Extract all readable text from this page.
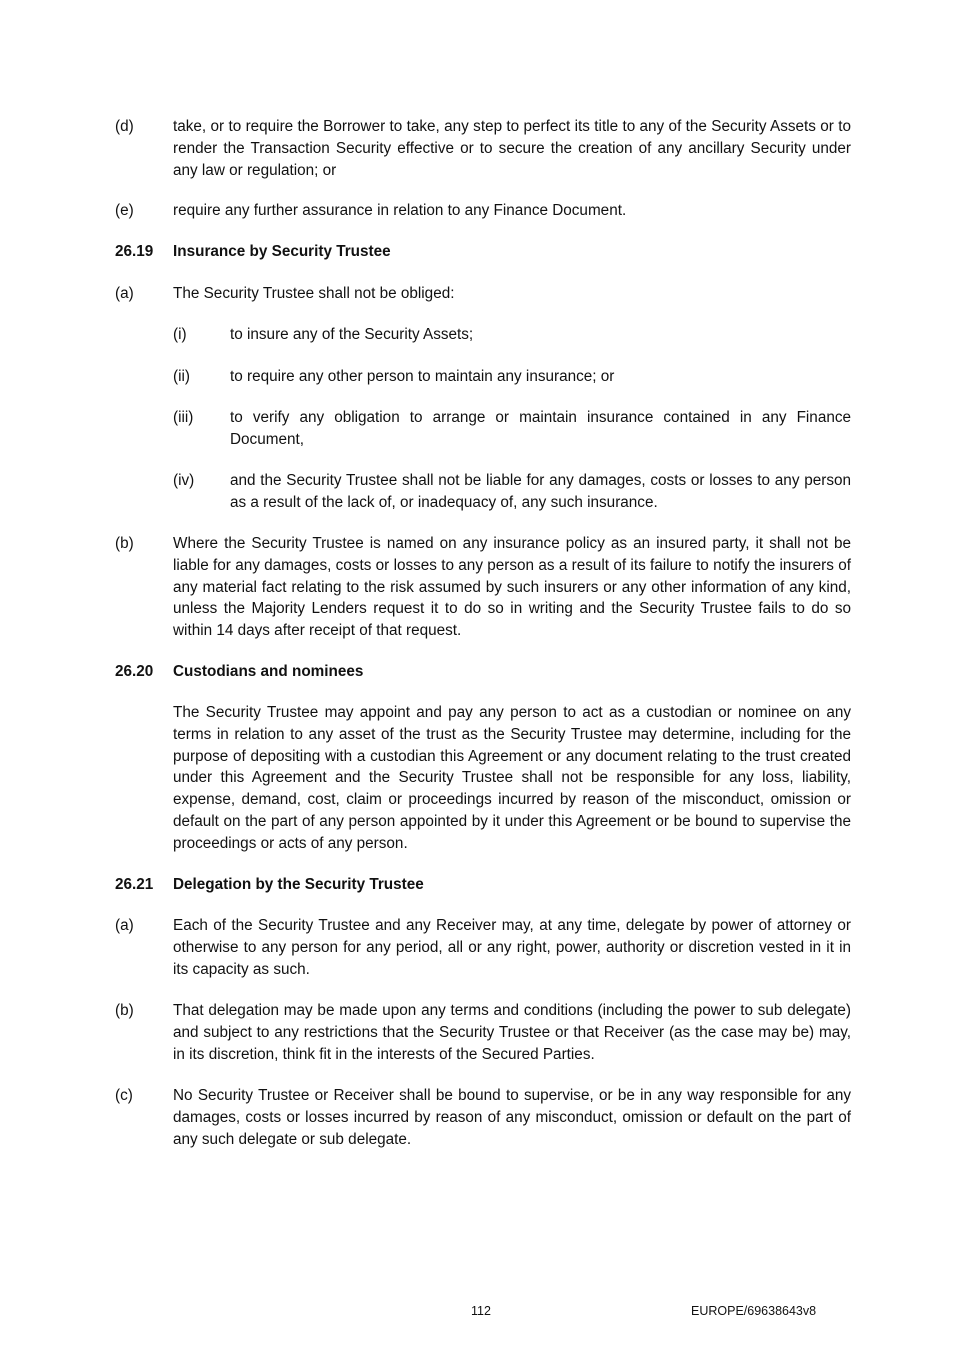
(d)	take, or to require the Borrower to take, any step to perfect its title to any of the Security Assets or to render the Transaction Security effective or to secure the creation of any ancillary Security under any law or regulation; or

(e)	require any further assurance in relation to any Finance Document.

26.19 Insurance by Security Trustee
(a)	The Security Trustee shall not be obliged:

(i)	to insure any of the Security Assets;

(ii)	to require any other person to maintain any insurance; or

(iii) to verify any obligation to arrange or maintain insurance contained in any Finance Document,

(iv) and the Security Trustee shall not be liable for any damages, costs or losses to any person as a result of the lack of, or inadequacy of, any such insurance.

(b)	Where the Security Trustee is named on any insurance policy as an insured party, it shall not be liable for any damages, costs or losses to any person as a result of its failure to notify the insurers of any material fact relating to the risk assumed by such insurers or any other information of any kind, unless the Majority Lenders request it to do so in writing and the Security Trustee fails to do so within 14 days after receipt of that request.

26.20 Custodians and nominees

The Security Trustee may appoint and pay any person to act as a custodian or nominee on any terms in relation to any asset of the trust as the Security Trustee may determine, including for the purpose of depositing with a custodian this Agreement or any document relating to the trust created under this Agreement and the Security Trustee shall not be responsible for any loss, liability, expense, demand, cost, claim or proceedings incurred by reason of the misconduct, omission or default on the part of any person appointed by it under this Agreement or be bound to supervise the proceedings or acts of any person.

26.21 Delegation by the Security Trustee
(a)	Each of the Security Trustee and any Receiver may, at any time, delegate by power of attorney or otherwise to any person for any period, all or any right, power, authority or discretion vested in it in its capacity as such.

(b)	That delegation may be made upon any terms and conditions (including the power to sub delegate) and subject to any restrictions that the Security Trustee or that Receiver (as the case may be) may, in its discretion, think fit in the interests of the Secured Parties.

(c)	No Security Trustee or Receiver shall be bound to supervise, or be in any way responsible for any damages, costs or losses incurred by reason of any misconduct, omission or default on the part of any such delegate or sub delegate.

112	EUROPE/69638643v8
